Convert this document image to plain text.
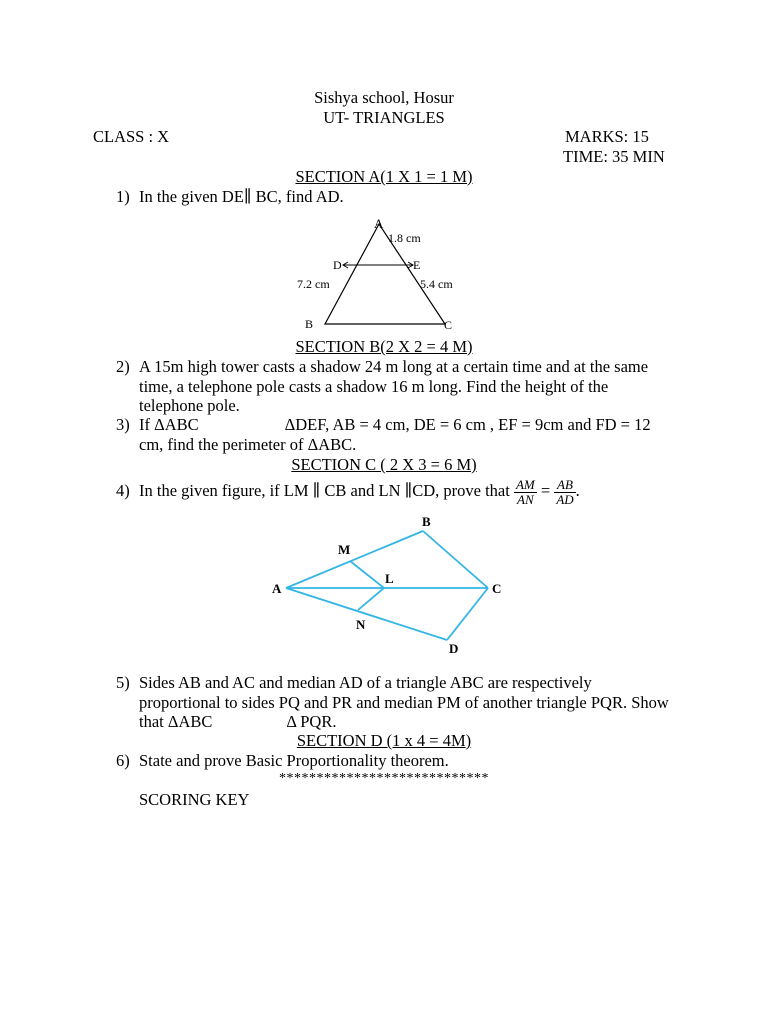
Sishya school, Hosur
UT- TRIANGLES
CLASS : X	MARKS: 15
TIME: 35 MIN
SECTION A(1 X 1 = 1 M)
1) In the given DE∥ BC, find AD.
A
D	E
B	C
1.8 cm
7.2 cm	5.4 cm
SECTION B(2 X 2 = 4 M)
2) A 15m high tower casts a shadow 24 m long at a certain time and at the same time, a telephone pole casts a shadow 16 m long. Find the height of the telephone pole.
3) If ΔABC	ΔDEF, AB = 4 cm, DE = 6 cm , EF = 9cm and FD = 12 cm, find the perimeter of ΔABC.
SECTION C ( 2 X 3 = 6 M)
4) In the given figure, if LM ∥ CB and LN ∥CD, prove that $\frac{AM}{AN} = \frac{AB}{AD}$ .
A
B
C
D
L
M
N
5) Sides AB and AC and median AD of a triangle ABC are respectively proportional to sides PQ and PR and median PM of another triangle PQR. Show that ΔABC	Δ PQR.
SECTION D (1 x 4 = 4M)
6) State and prove Basic Proportionality theorem.
****************************
SCORING KEY
